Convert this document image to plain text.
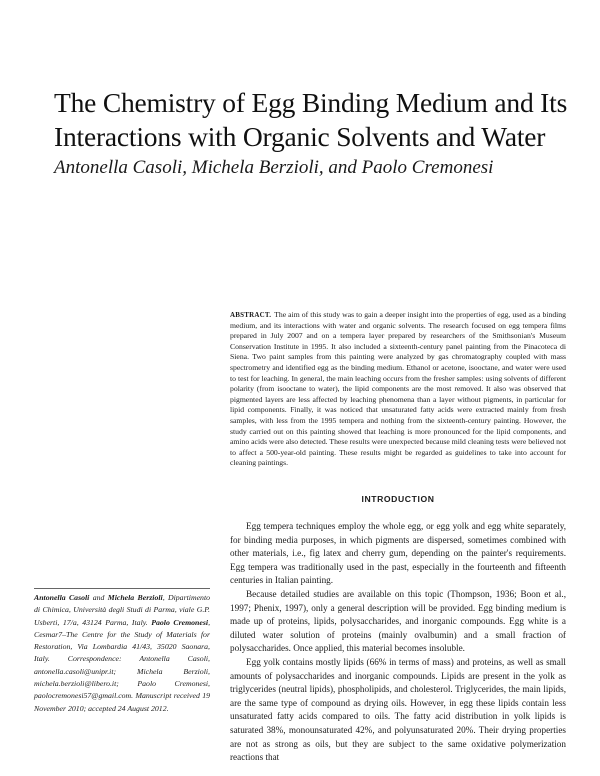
The Chemistry of Egg Binding Medium and Its
Interactions with Organic Solvents and Water
Antonella Casoli, Michela Berzioli, and Paolo Cremonesi
ABSTRACT. The aim of this study was to gain a deeper insight into the properties of egg, used as a binding medium, and its interactions with water and organic solvents. The research focused on egg tempera films prepared in July 2007 and on a tempera layer prepared by researchers of the Smithsonian's Museum Conservation Institute in 1995. It also included a sixteenth-century panel painting from the Pinacoteca di Siena. Two paint samples from this painting were analyzed by gas chromatography coupled with mass spectrometry and identified egg as the binding medium. Ethanol or acetone, isooctane, and water were used to test for leaching. In general, the main leaching occurs from the fresher samples: using solvents of different polarity (from isooctane to water), the lipid components are the most removed. It also was observed that pigmented layers are less affected by leaching phenomena than a layer without pigments, in particular for lipid components. Finally, it was noticed that unsaturated fatty acids were extracted mainly from fresh samples, with less from the 1995 tempera and nothing from the sixteenth-century painting. However, the study carried out on this painting showed that leaching is more pronounced for the lipid components, and amino acids were also detected. These results were unexpected because mild cleaning tests were believed not to affect a 500-year-old painting. These results might be regarded as guidelines to take into account for cleaning paintings.
INTRODUCTION

Egg tempera techniques employ the whole egg, or egg yolk and egg white separately, for binding media purposes, in which pigments are dispersed, sometimes combined with other materials, i.e., fig latex and cherry gum, depending on the painter's requirements. Egg tempera was traditionally used in the past, especially in the fourteenth and fifteenth centuries in Italian painting.

Because detailed studies are available on this topic (Thompson, 1936; Boon et al., 1997; Phenix, 1997), only a general description will be provided. Egg binding medium is made up of proteins, lipids, polysaccharides, and inorganic compounds. Egg white is a diluted water solution of proteins (mainly ovalbumin) and a small fraction of polysaccharides. Once applied, this material becomes insoluble.

Egg yolk contains mostly lipids (66% in terms of mass) and proteins, as well as small amounts of polysaccharides and inorganic compounds. Lipids are present in the yolk as triglycerides (neutral lipids), phospholipids, and cholesterol. Triglycerides, the main lipids, are the same type of compound as drying oils. However, in egg these lipids contain less unsaturated fatty acids compared to oils. The fatty acid distribution in yolk lipids is saturated 38%, monounsaturated 42%, and polyunsaturated 20%. Their drying properties are not as strong as oils, but they are subject to the same oxidative polymerization reactions that

Antonella Casoli and Michela Berzioli, Dipartimento di Chimica, Università degli Studi di Parma, viale G.P. Usberti, 17/a, 43124 Parma, Italy. Paolo Cremonesi, Cesmar7–The Centre for the Study of Materials for Restoration, Via Lombardia 41/43, 35020 Saonara, Italy. Correspondence: Antonella Casoli, antonella.casoli@unipr.it; Michela Berzioli, michela.berzioli@libero.it; Paolo Cremonesi, paolocremonesi57@gmail.com. Manuscript received 19 November 2010; accepted 24 August 2012.
